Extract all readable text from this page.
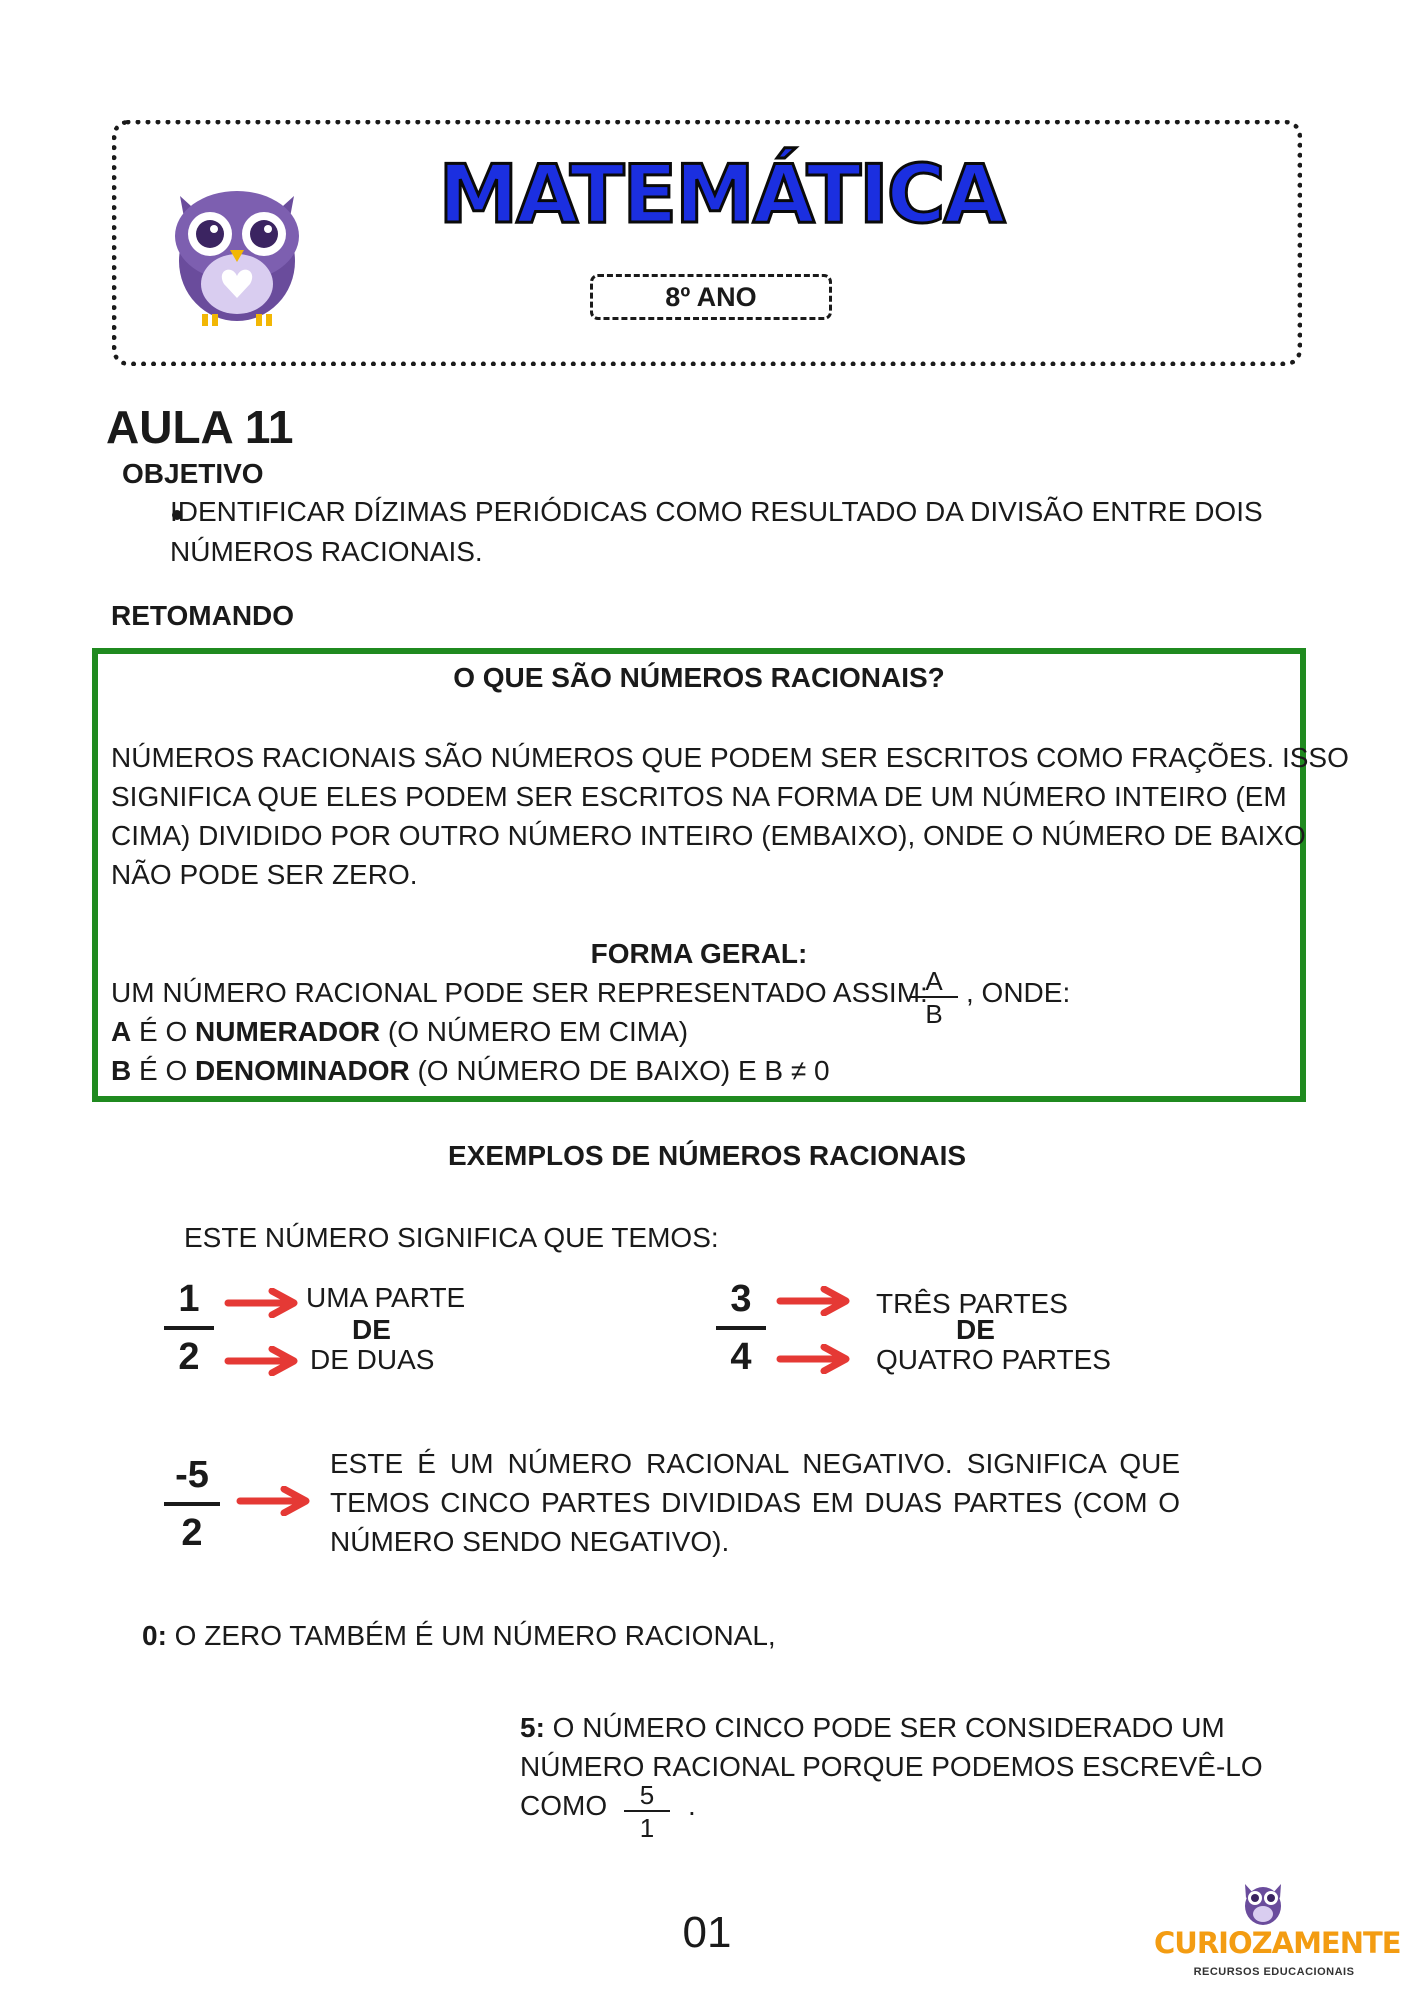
MATEMÁTICA
8º ANO
AULA 11
OBJETIVO
IDENTIFICAR DÍZIMAS PERIÓDICAS COMO RESULTADO DA DIVISÃO ENTRE DOIS
NÚMEROS RACIONAIS.
RETOMANDO
O QUE SÃO NÚMEROS RACIONAIS?
NÚMEROS RACIONAIS SÃO NÚMEROS QUE PODEM SER ESCRITOS COMO FRAÇÕES. ISSO
SIGNIFICA QUE ELES PODEM SER ESCRITOS NA FORMA DE UM NÚMERO INTEIRO (EM
CIMA) DIVIDIDO POR OUTRO NÚMERO INTEIRO (EMBAIXO), ONDE O NÚMERO DE BAIXO
NÃO PODE SER ZERO.
FORMA GERAL:
UM NÚMERO RACIONAL PODE SER REPRESENTADO ASSIM:
A
B
, ONDE:
A É O NUMERADOR (O NÚMERO EM CIMA)
B É O DENOMINADOR (O NÚMERO DE BAIXO) E B ≠ 0
EXEMPLOS DE NÚMEROS RACIONAIS
ESTE NÚMERO SIGNIFICA QUE TEMOS:
1
2
UMA PARTE
DE
DE DUAS
3
4
TRÊS PARTES
DE
QUATRO PARTES
-5
2
ESTE É UM NÚMERO RACIONAL NEGATIVO. SIGNIFICA QUE
TEMOS CINCO PARTES DIVIDIDAS EM DUAS PARTES (COM O
NÚMERO SENDO NEGATIVO).
0: O ZERO TAMBÉM É UM NÚMERO RACIONAL,
5: O NÚMERO CINCO PODE SER CONSIDERADO UM
NÚMERO RACIONAL PORQUE PODEMOS ESCREVÊ-LO
COMO	5
1
.
01	CURIOZAMENTE
RECURSOS EDUCACIONAIS
